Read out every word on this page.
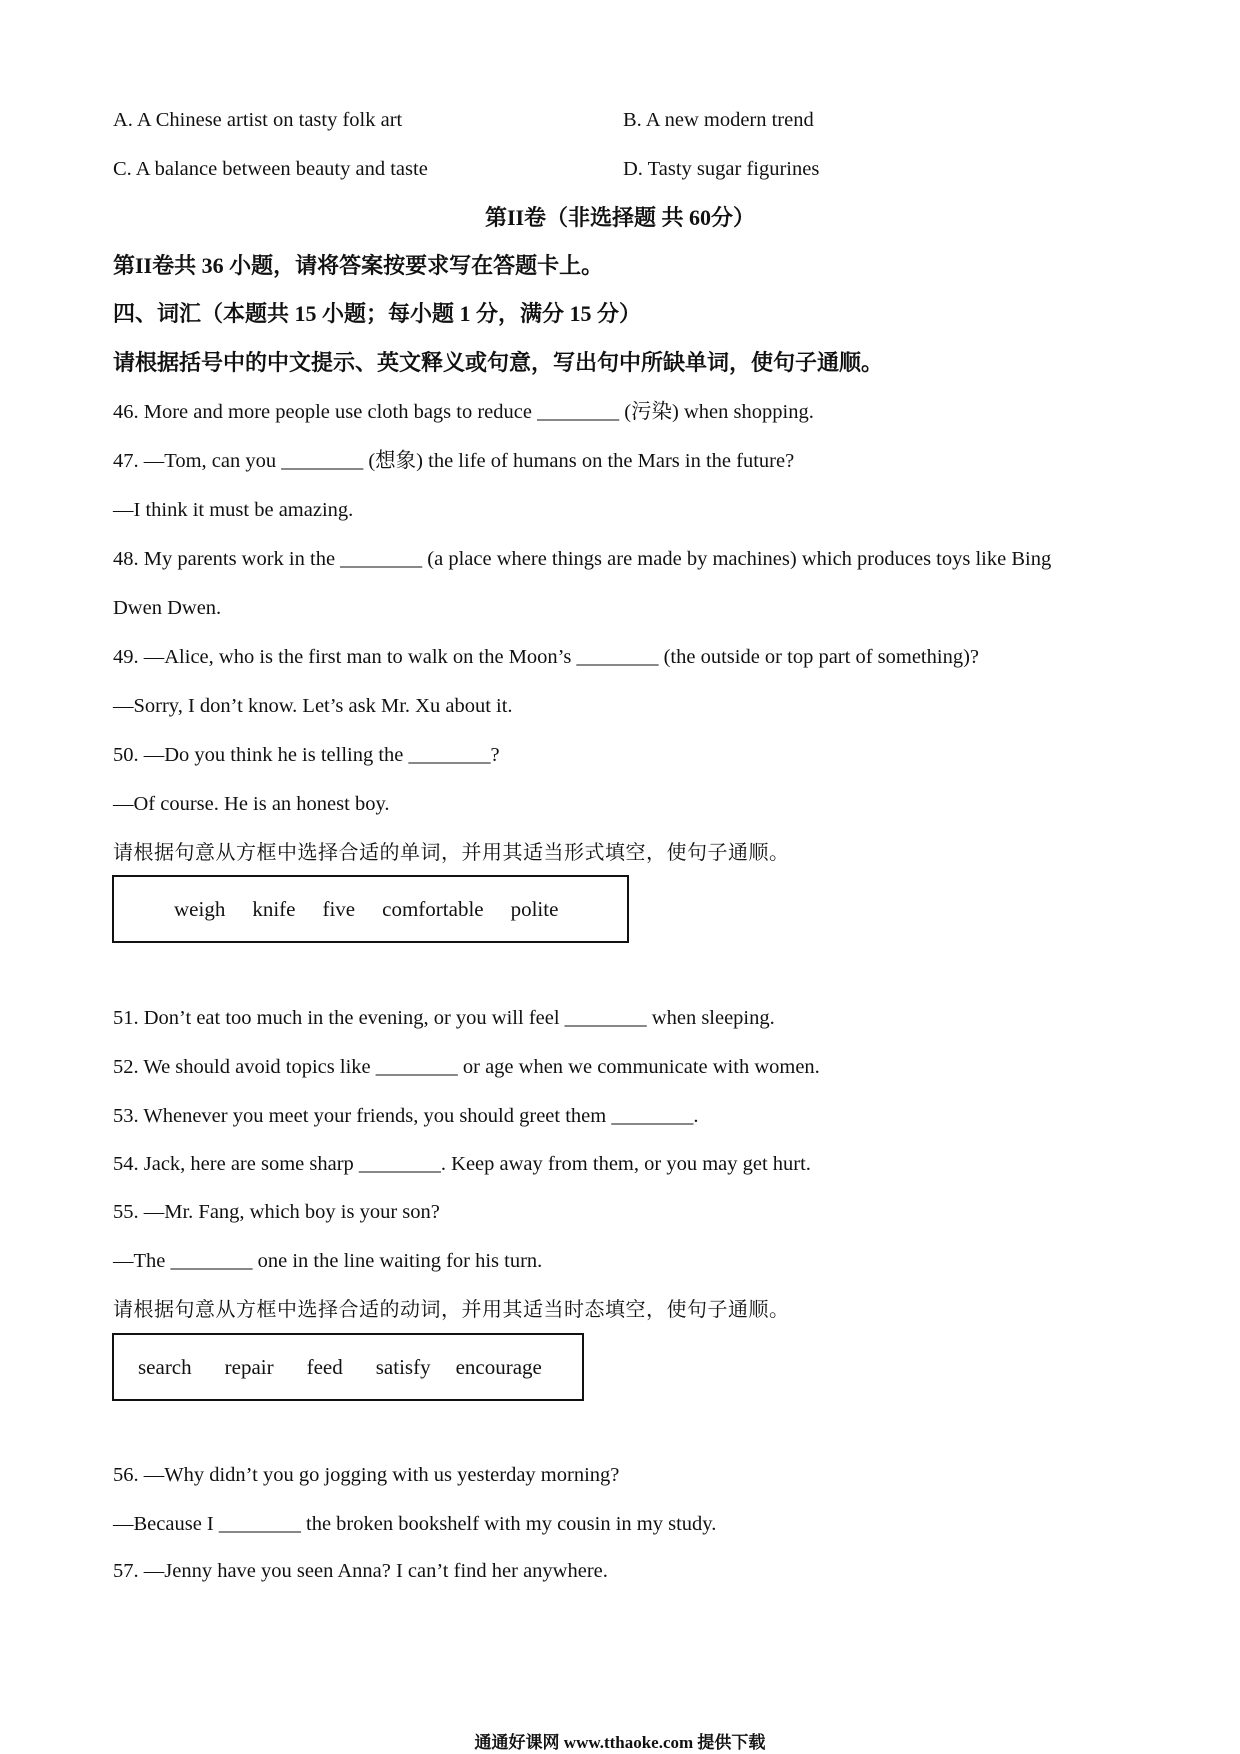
A. A Chinese artist on tasty folk art	B. A new modern trend
C. A balance between beauty and taste	D. Tasty sugar figurines
第II卷（非选择题 共 60分）

第II卷共 36 小题，请将答案按要求写在答题卡上。

四、词汇（本题共 15 小题；每小题 1 分，满分 15 分）

请根据括号中的中文提示、英文释义或句意，写出句中所缺单词，使句子通顺。

46. More and more people use cloth bags to reduce ________ (污染) when shopping.

47. —Tom, can you ________ (想象) the life of humans on the Mars in the future?

—I think it must be amazing.

48. My parents work in the ________ (a place where things are made by machines) which produces toys like Bing

Dwen Dwen.

49. —Alice, who is the first man to walk on the Moon’s ________ (the outside or top part of something)?

—Sorry, I don’t know. Let’s ask Mr. Xu about it.

50. —Do you think he is telling the ________?

—Of course. He is an honest boy.

请根据句意从方框中选择合适的单词，并用其适当形式填空，使句子通顺。

weigh knife five comfortable polite

51. Don’t eat too much in the evening, or you will feel ________ when sleeping.

52. We should avoid topics like ________ or age when we communicate with women.

53. Whenever you meet your friends, you should greet them ________.

54. Jack, here are some sharp ________. Keep away from them, or you may get hurt.

55. —Mr. Fang, which boy is your son?

—The ________ one in the line waiting for his turn.

请根据句意从方框中选择合适的动词，并用其适当时态填空，使句子通顺。

search repair feed satisfy encourage

56. —Why didn’t you go jogging with us yesterday morning?

—Because I ________ the broken bookshelf with my cousin in my study.

57. —Jenny have you seen Anna? I can’t find her anywhere.

通通好课网 www.tthaoke.com 提供下载
